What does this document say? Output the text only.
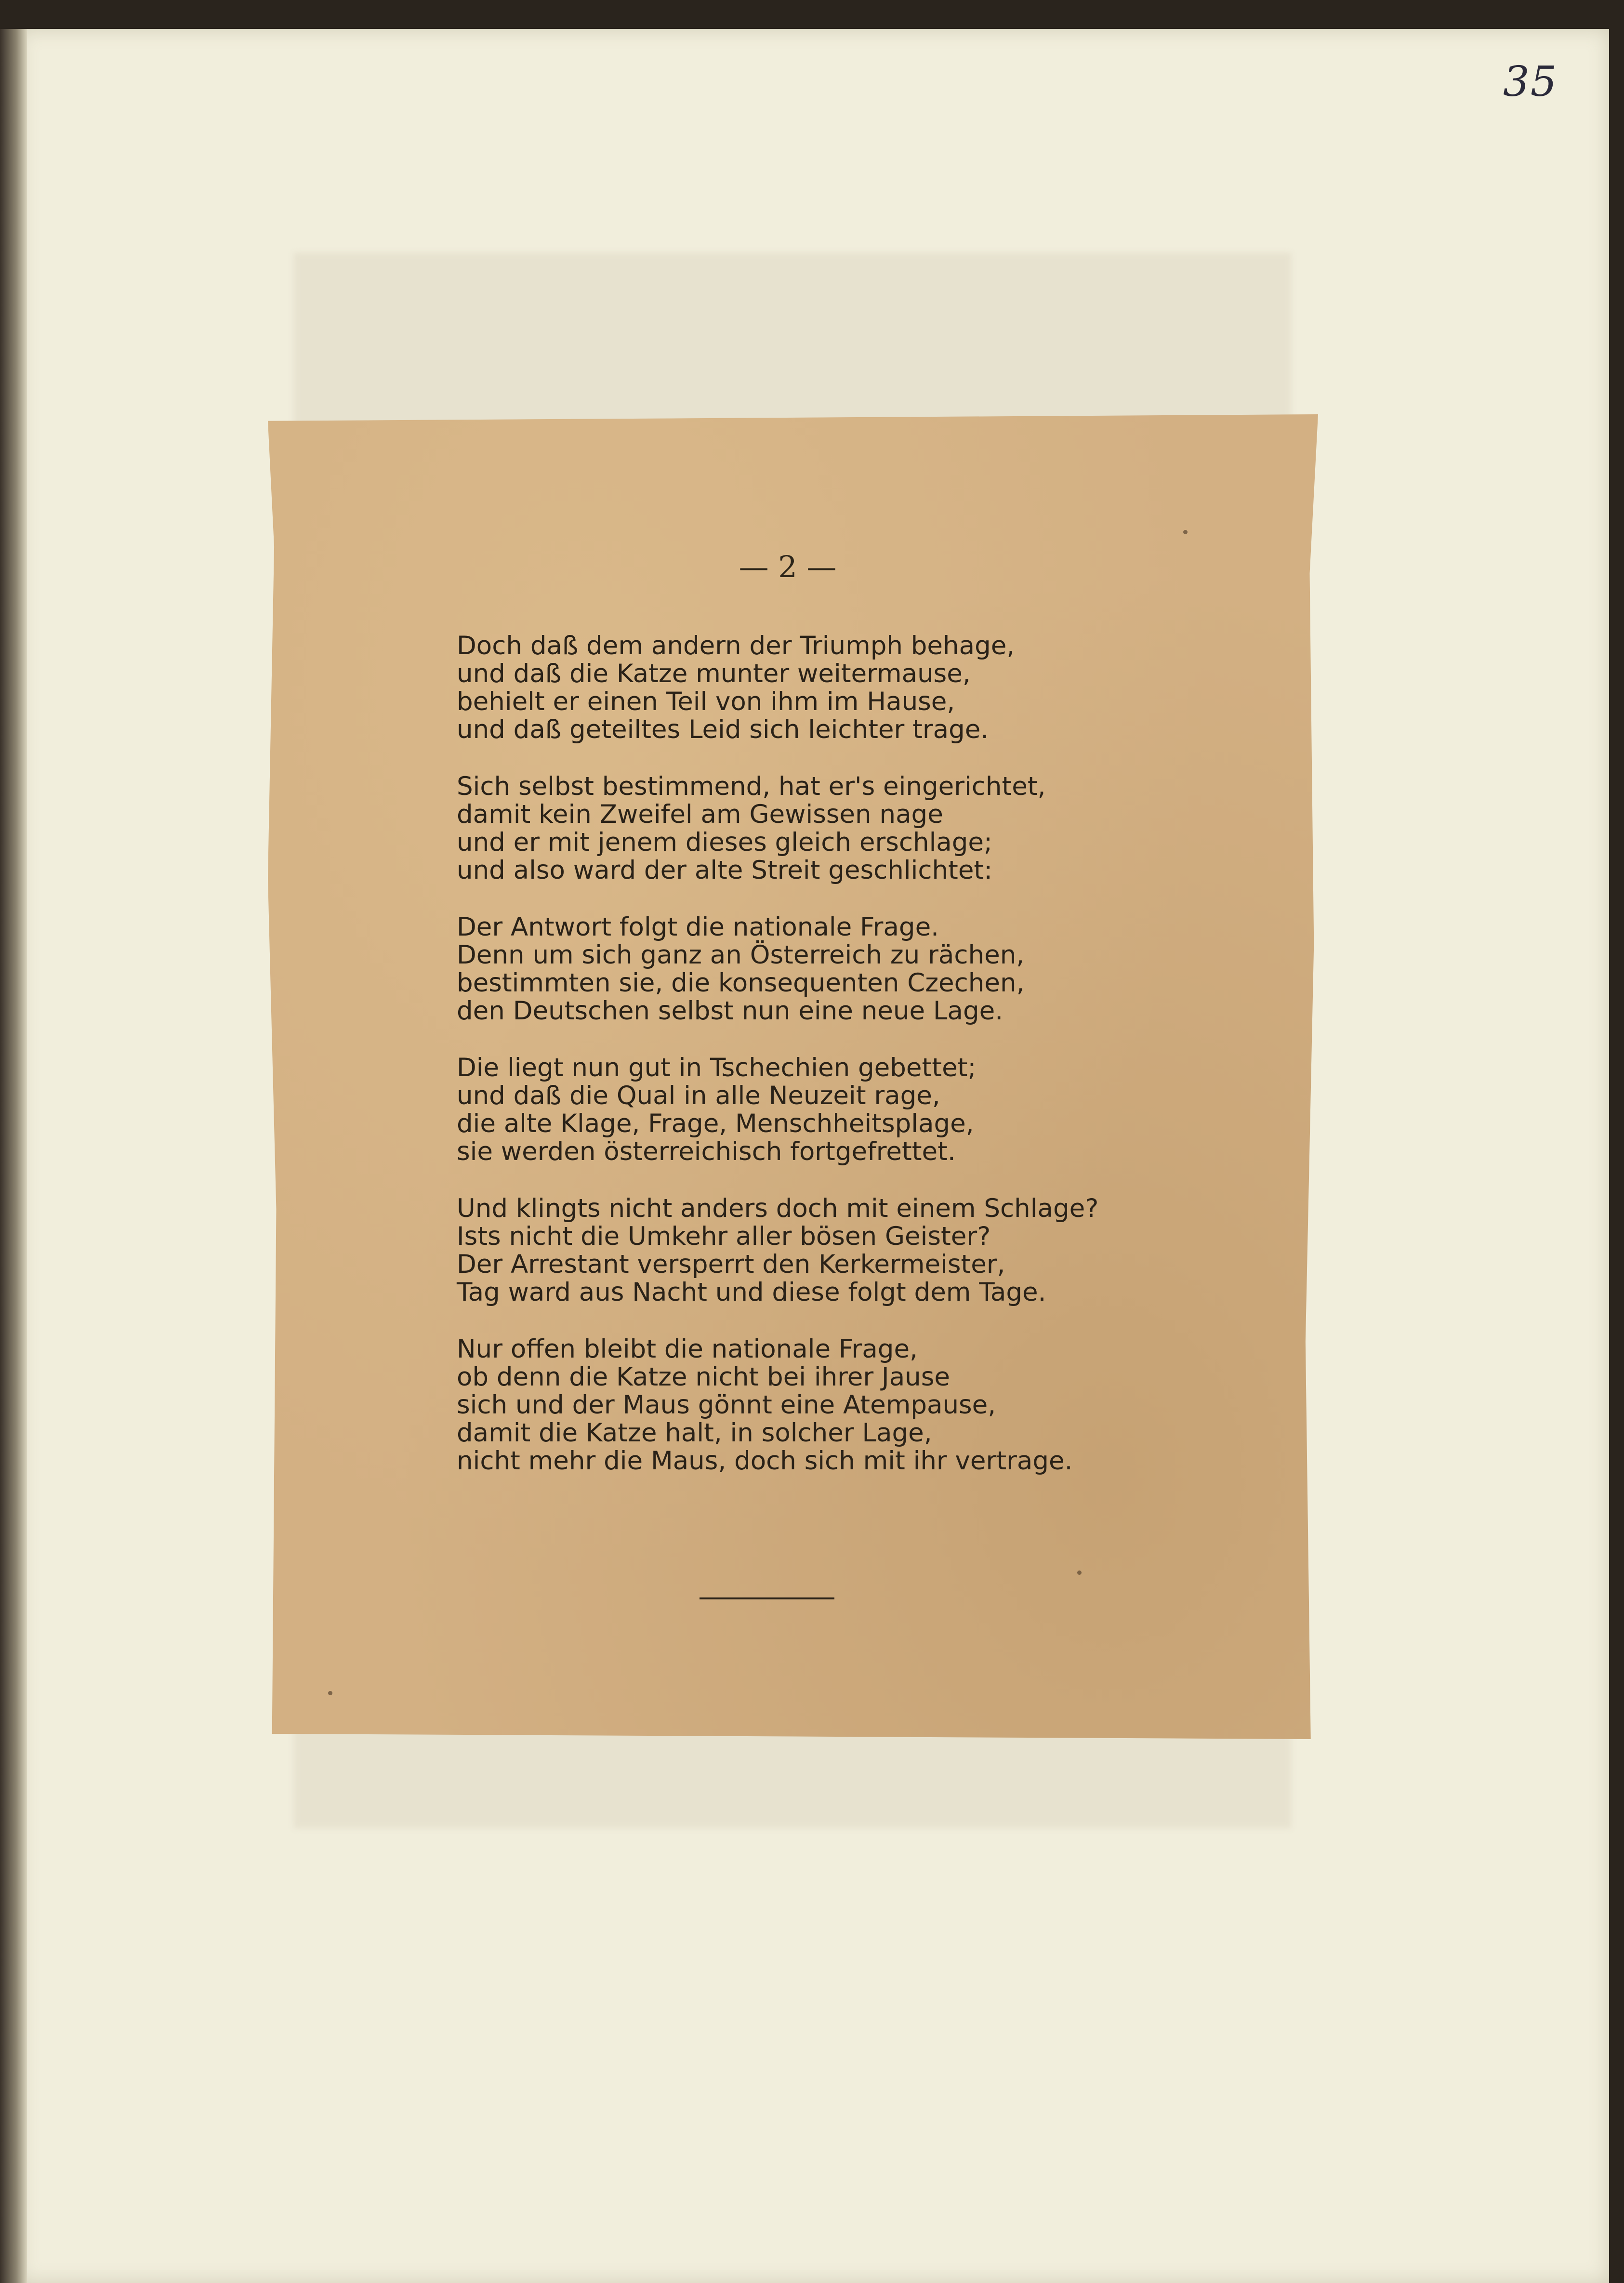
35
— 2 —
Doch daß dem andern der Triumph behage,
und daß die Katze munter weitermause,
behielt er einen Teil von ihm im Hause,
und daß geteiltes Leid sich leichter trage.
Sich selbst bestimmend, hat er's eingerichtet,
damit kein Zweifel am Gewissen nage
und er mit jenem dieses gleich erschlage;
und also ward der alte Streit geschlichtet:
Der Antwort folgt die nationale Frage.
Denn um sich ganz an Österreich zu rächen,
bestimmten sie, die konsequenten Czechen,
den Deutschen selbst nun eine neue Lage.
Die liegt nun gut in Tschechien gebettet;
und daß die Qual in alle Neuzeit rage,
die alte Klage, Frage, Menschheitsplage,
sie werden österreichisch fortgefrettet.
Und klingts nicht anders doch mit einem Schlage?
Ists nicht die Umkehr aller bösen Geister?
Der Arrestant versperrt den Kerkermeister,
Tag ward aus Nacht und diese folgt dem Tage.
Nur offen bleibt die nationale Frage,
ob denn die Katze nicht bei ihrer Jause
sich und der Maus gönnt eine Atempause,
damit die Katze halt, in solcher Lage,
nicht mehr die Maus, doch sich mit ihr vertrage.
